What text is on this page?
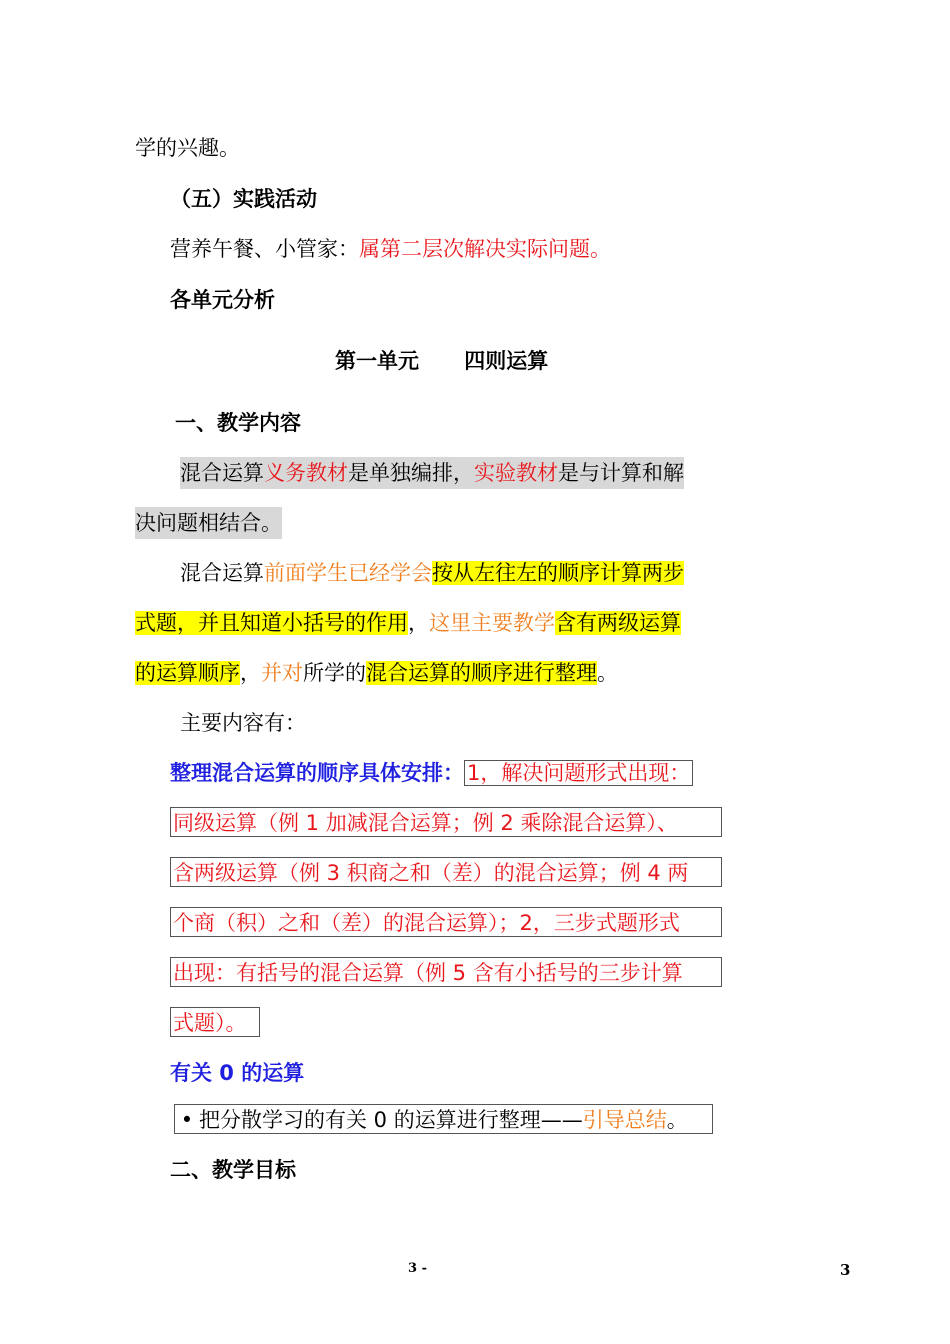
学的兴趣。
（五）实践活动
营养午餐、小管家：属第二层次解决实际问题。
各单元分析
第一单元 四则运算
一、教学内容
混合运算义务教材是单独编排，实验教材是与计算和解
决问题相结合。
混合运算前面学生已经学会按从左往左的顺序计算两步
式题，并且知道小括号的作用，这里主要教学含有两级运算
的运算顺序，并对所学的混合运算的顺序进行整理。
主要内容有：
整理混合运算的顺序具体安排： 1，解决问题形式出现：
同级运算（例 1 加减混合运算；例 2 乘除混合运算）、
含两级运算（例 3 积商之和（差）的混合运算；例 4 两
个商（积）之和（差）的混合运算）；2，三步式题形式
出现：有括号的混合运算（例 5 含有小括号的三步计算
式题）。
有关 0 的运算
• 把分散学习的有关 0 的运算进行整理——引导总结。
二、教学目标
3 -	3
